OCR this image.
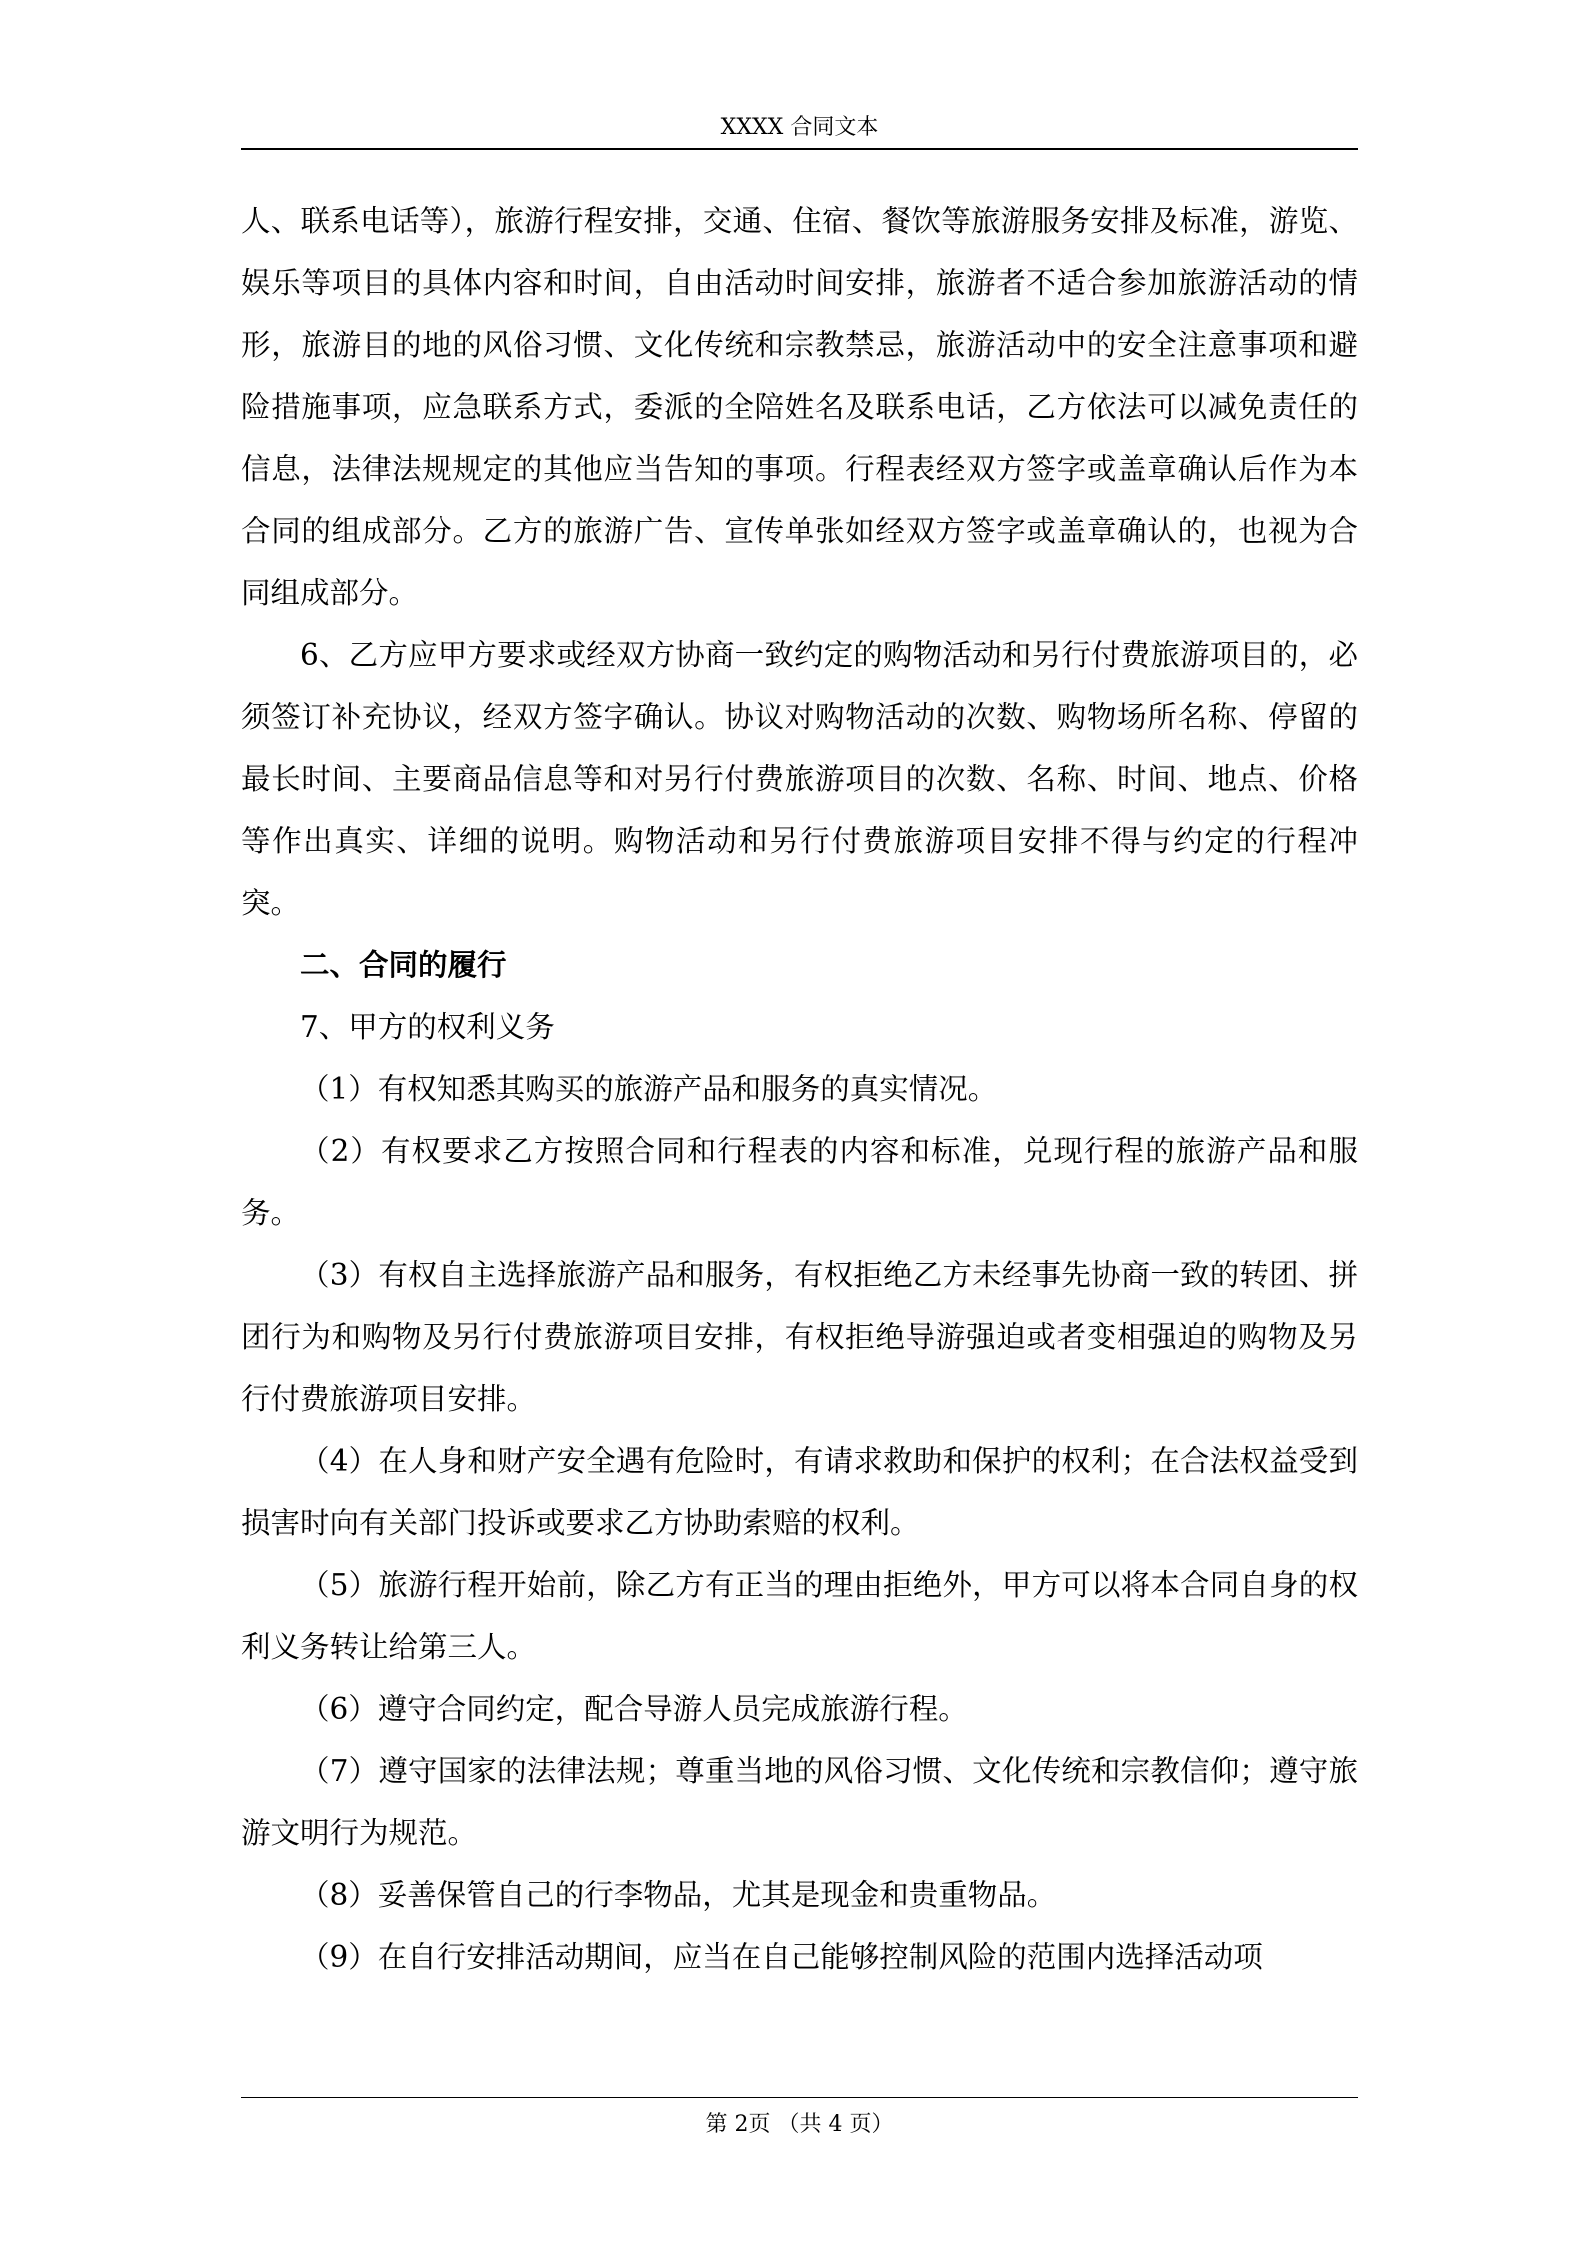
XXXX 合同文本

人、联系电话等），旅游行程安排，交通、住宿、餐饮等旅游服务安排及标准，游览、娱乐等项目的具体内容和时间，自由活动时间安排，旅游者不适合参加旅游活动的情形，旅游目的地的风俗习惯、文化传统和宗教禁忌，旅游活动中的安全注意事项和避险措施事项，应急联系方式，委派的全陪姓名及联系电话，乙方依法可以减免责任的信息，法律法规规定的其他应当告知的事项。行程表经双方签字或盖章确认后作为本合同的组成部分。乙方的旅游广告、宣传单张如经双方签字或盖章确认的，也视为合同组成部分。

6、乙方应甲方要求或经双方协商一致约定的购物活动和另行付费旅游项目的，必须签订补充协议，经双方签字确认。协议对购物活动的次数、购物场所名称、停留的最长时间、主要商品信息等和对另行付费旅游项目的次数、名称、时间、地点、价格等作出真实、详细的说明。购物活动和另行付费旅游项目安排不得与约定的行程冲突。

二、合同的履行

7、甲方的权利义务

（1）有权知悉其购买的旅游产品和服务的真实情况。

（2）有权要求乙方按照合同和行程表的内容和标准，兑现行程的旅游产品和服务。

（3）有权自主选择旅游产品和服务，有权拒绝乙方未经事先协商一致的转团、拼团行为和购物及另行付费旅游项目安排，有权拒绝导游强迫或者变相强迫的购物及另行付费旅游项目安排。

（4）在人身和财产安全遇有危险时，有请求救助和保护的权利；在合法权益受到损害时向有关部门投诉或要求乙方协助索赔的权利。

（5）旅游行程开始前，除乙方有正当的理由拒绝外，甲方可以将本合同自身的权利义务转让给第三人。

（6）遵守合同约定，配合导游人员完成旅游行程。

（7）遵守国家的法律法规；尊重当地的风俗习惯、文化传统和宗教信仰；遵守旅游文明行为规范。

（8）妥善保管自己的行李物品，尤其是现金和贵重物品。

（9）在自行安排活动期间，应当在自己能够控制风险的范围内选择活动项

第 2页 （共 4 页）
